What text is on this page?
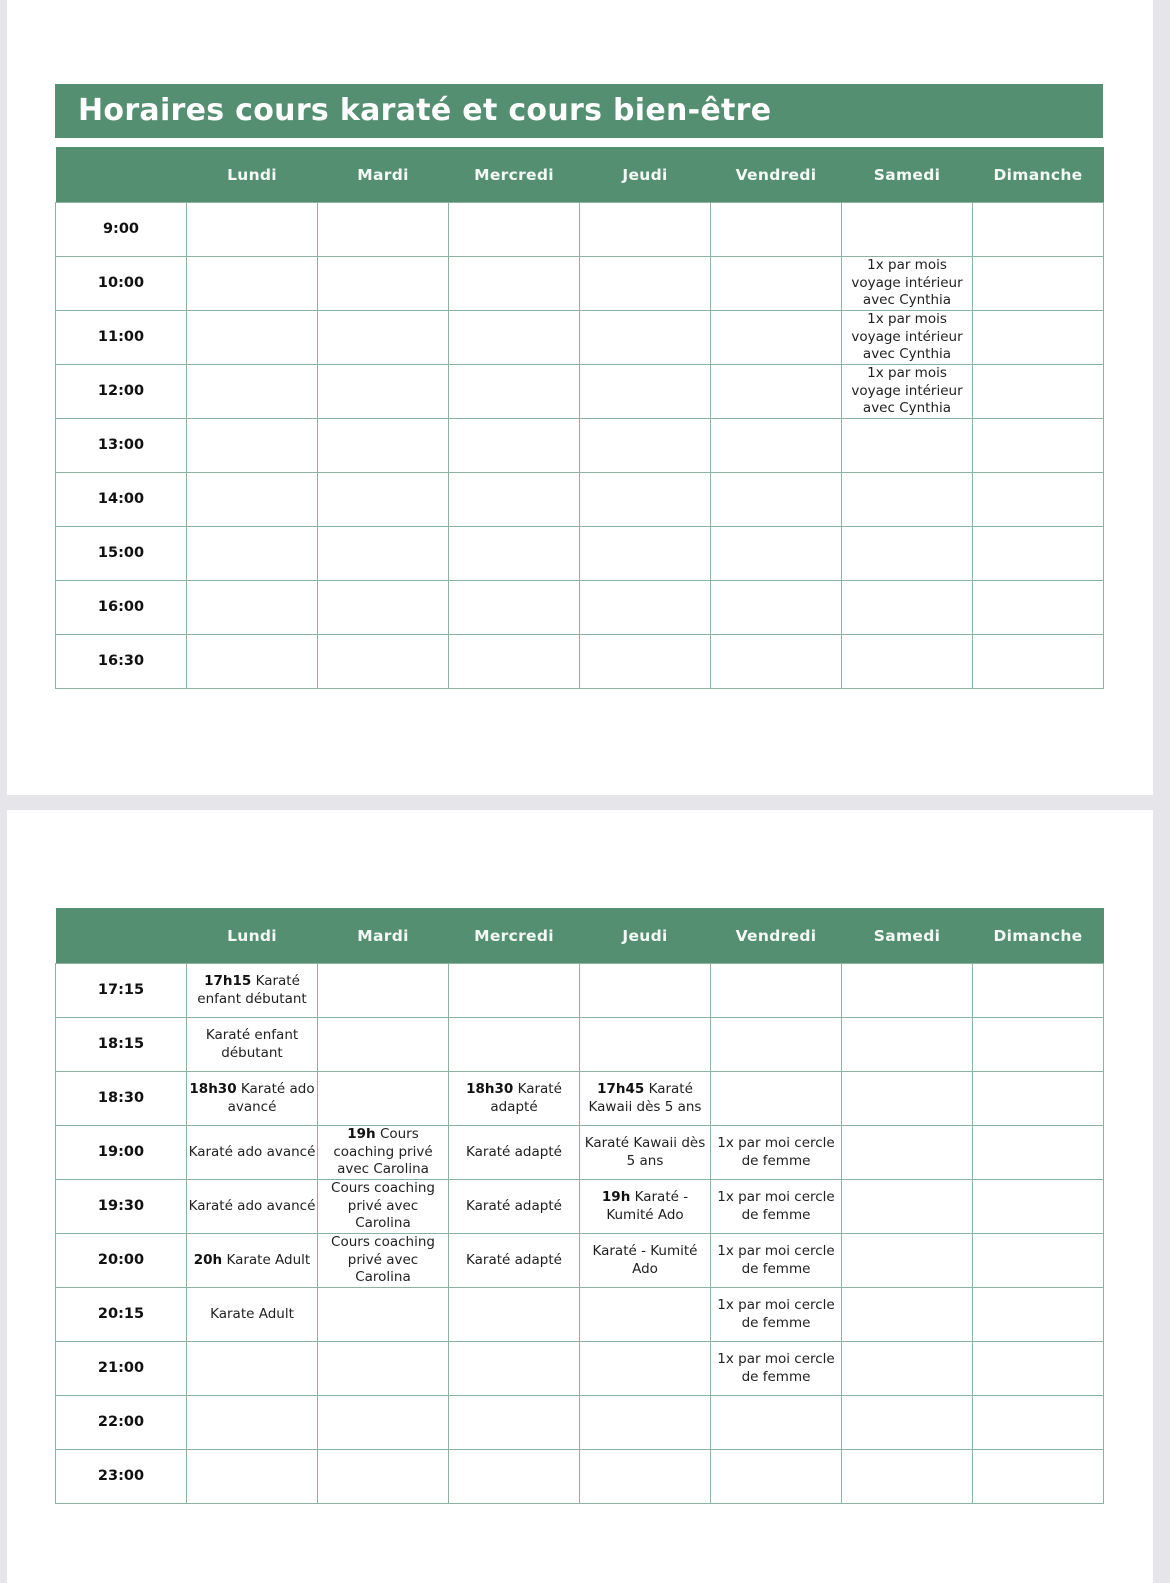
Horaires cours karaté et cours bien-être
	Lundi	Mardi	Mercredi	Jeudi	Vendredi	Samedi	Dimanche
9:00							
10:00						1x par mois voyage intérieur avec Cynthia	
11:00						1x par mois voyage intérieur avec Cynthia	
12:00						1x par mois voyage intérieur avec Cynthia	
13:00							
14:00							
15:00							
16:00							
16:30							
	Lundi	Mardi	Mercredi	Jeudi	Vendredi	Samedi	Dimanche
17:15	17h15 Karaté enfant débutant						
18:15	Karaté enfant débutant						
18:30	18h30 Karaté ado avancé		18h30 Karaté adapté	17h45 Karaté Kawaii dès 5 ans			
19:00	Karaté ado avancé	19h Cours coaching privé avec Carolina	Karaté adapté	Karaté Kawaii dès 5 ans	1x par moi cercle de femme		
19:30	Karaté ado avancé	Cours coaching privé avec Carolina	Karaté adapté	19h Karaté - Kumité Ado	1x par moi cercle de femme		
20:00	20h Karate Adult	Cours coaching privé avec Carolina	Karaté adapté	Karaté - Kumité Ado	1x par moi cercle de femme		
20:15	Karate Adult				1x par moi cercle de femme		
21:00					1x par moi cercle de femme		
22:00							
23:00							
